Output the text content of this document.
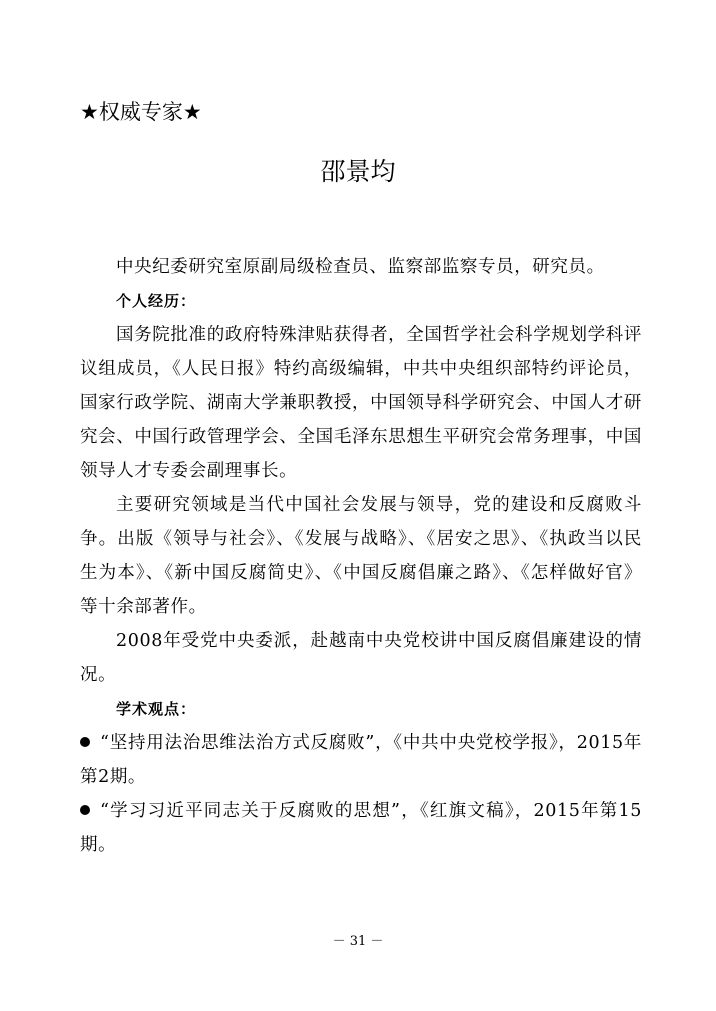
★权威专家★
邵景均

中央纪委研究室原副局级检查员、监察部监察专员，研究员。

个人经历：

国务院批准的政府特殊津贴获得者，全国哲学社会科学规划学科评议组成员，《人民日报》特约高级编辑，中共中央组织部特约评论员，国家行政学院、湖南大学兼职教授，中国领导科学研究会、中国人才研究会、中国行政管理学会、全国毛泽东思想生平研究会常务理事，中国领导人才专委会副理事长。

主要研究领域是当代中国社会发展与领导，党的建设和反腐败斗争。出版《领导与社会》、《发展与战略》、《居安之思》、《执政当以民生为本》、《新中国反腐简史》、《中国反腐倡廉之路》、《怎样做好官》等十余部著作。

2008年受党中央委派，赴越南中央党校讲中国反腐倡廉建设的情况。

学术观点：

“坚持用法治思维法治方式反腐败”，《中共中央党校学报》，2015年第2期。

“学习习近平同志关于反腐败的思想”，《红旗文稿》，2015年第15期。

－ 31 －
